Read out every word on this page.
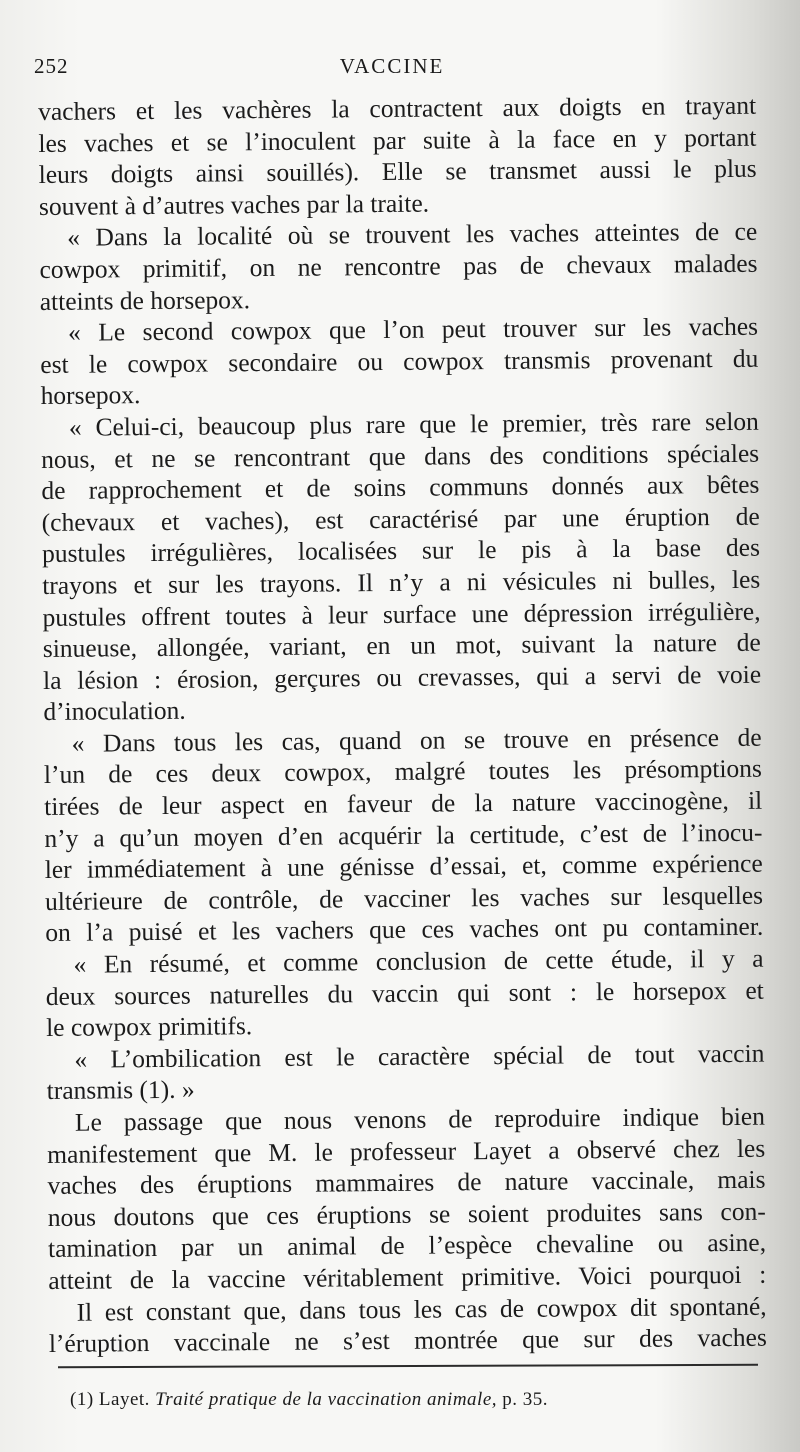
252	VACCINE
vachers et les vachères la contractent aux doigts en trayant
les vaches et se l’inoculent par suite à la face en y portant
leurs doigts ainsi souillés). Elle se transmet aussi le plus
souvent à d’autres vaches par la traite.
« Dans la localité où se trouvent les vaches atteintes de ce
cowpox primitif, on ne rencontre pas de chevaux malades
atteints de horsepox.
« Le second cowpox que l’on peut trouver sur les vaches
est le cowpox secondaire ou cowpox transmis provenant du
horsepox.
« Celui-ci, beaucoup plus rare que le premier, très rare selon
nous, et ne se rencontrant que dans des conditions spéciales
de rapprochement et de soins communs donnés aux bêtes
(chevaux et vaches), est caractérisé par une éruption de
pustules irrégulières, localisées sur le pis à la base des
trayons et sur les trayons. Il n’y a ni vésicules ni bulles, les
pustules offrent toutes à leur surface une dépression irrégulière,
sinueuse, allongée, variant, en un mot, suivant la nature de
la lésion : érosion, gerçures ou crevasses, qui a servi de voie
d’inoculation.
« Dans tous les cas, quand on se trouve en présence de
l’un de ces deux cowpox, malgré toutes les présomptions
tirées de leur aspect en faveur de la nature vaccinogène, il
n’y a qu’un moyen d’en acquérir la certitude, c’est de l’inocu-
ler immédiatement à une génisse d’essai, et, comme expérience
ultérieure de contrôle, de vacciner les vaches sur lesquelles
on l’a puisé et les vachers que ces vaches ont pu contaminer.
« En résumé, et comme conclusion de cette étude, il y a
deux sources naturelles du vaccin qui sont : le horsepox et
le cowpox primitifs.
« L’ombilication est le caractère spécial de tout vaccin
transmis (1). »
Le passage que nous venons de reproduire indique bien
manifestement que M. le professeur Layet a observé chez les
vaches des éruptions mammaires de nature vaccinale, mais
nous doutons que ces éruptions se soient produites sans con-
tamination par un animal de l’espèce chevaline ou asine,
atteint de la vaccine véritablement primitive. Voici pourquoi :
Il est constant que, dans tous les cas de cowpox dit spontané,
l’éruption vaccinale ne s’est montrée que sur des vaches
(1) Layet. Traité pratique de la vaccination animale, p. 35.
